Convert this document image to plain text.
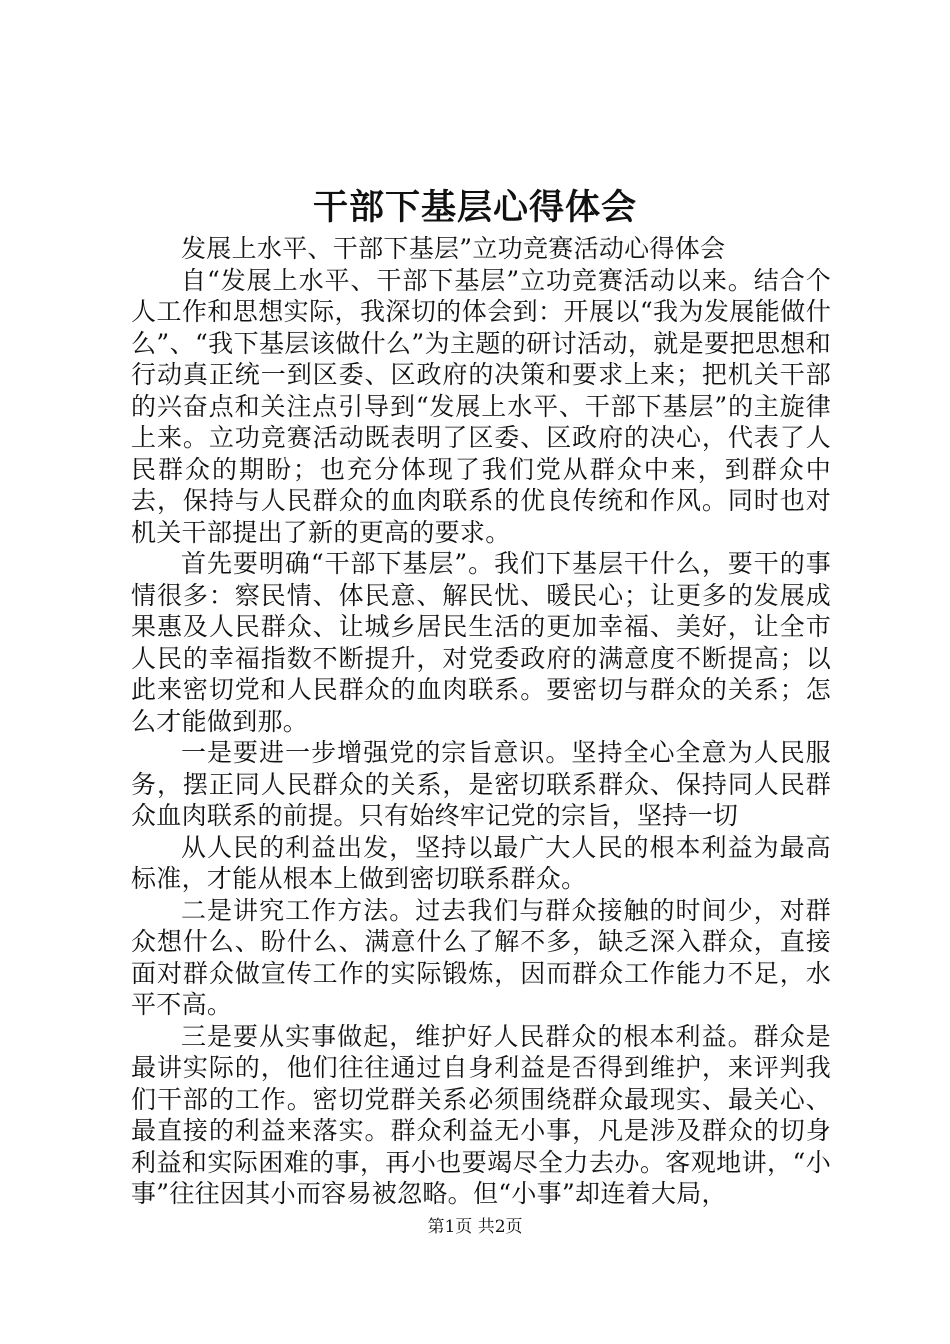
干部下基层心得体会

发展上水平、干部下基层”立功竞赛活动心得体会

自“发展上水平、干部下基层”立功竞赛活动以来。结合个人工作和思想实际，我深切的体会到：开展以“我为发展能做什么”、“我下基层该做什么”为主题的研讨活动，就是要把思想和行动真正统一到区委、区政府的决策和要求上来；把机关干部的兴奋点和关注点引导到“发展上水平、干部下基层”的主旋律上来。立功竞赛活动既表明了区委、区政府的决心，代表了人民群众的期盼；也充分体现了我们党从群众中来，到群众中去，保持与人民群众的血肉联系的优良传统和作风。同时也对机关干部提出了新的更高的要求。

首先要明确“干部下基层”。我们下基层干什么，要干的事情很多：察民情、体民意、解民忧、暖民心；让更多的发展成果惠及人民群众、让城乡居民生活的更加幸福、美好，让全市人民的幸福指数不断提升，对党委政府的满意度不断提高；以此来密切党和人民群众的血肉联系。要密切与群众的关系；怎么才能做到那。

一是要进一步增强党的宗旨意识。坚持全心全意为人民服务，摆正同人民群众的关系，是密切联系群众、保持同人民群众血肉联系的前提。只有始终牢记党的宗旨，坚持一切

从人民的利益出发，坚持以最广大人民的根本利益为最高标准，才能从根本上做到密切联系群众。

二是讲究工作方法。过去我们与群众接触的时间少，对群众想什么、盼什么、满意什么了解不多，缺乏深入群众，直接面对群众做宣传工作的实际锻炼，因而群众工作能力不足，水平不高。

三是要从实事做起，维护好人民群众的根本利益。群众是最讲实际的，他们往往通过自身利益是否得到维护，来评判我们干部的工作。密切党群关系必须围绕群众最现实、最关心、最直接的利益来落实。群众利益无小事，凡是涉及群众的切身利益和实际困难的事，再小也要竭尽全力去办。客观地讲，“小事”往往因其小而容易被忽略。但“小事”却连着大局，

第1页 共2页
